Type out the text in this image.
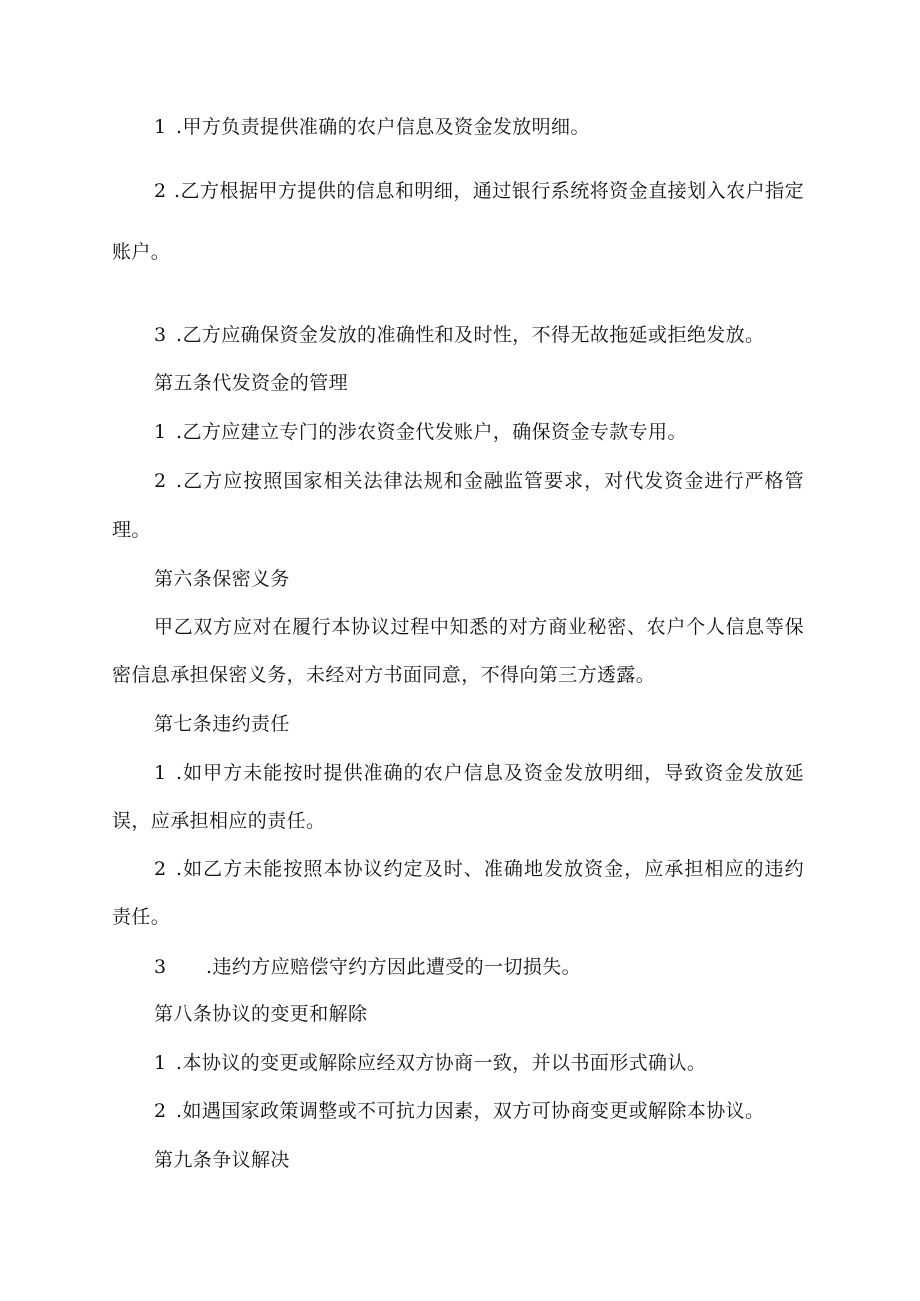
1 .甲方负责提供准确的农户信息及资金发放明细。
2 .乙方根据甲方提供的信息和明细，通过银行系统将资金直接划入农户指定
账户。
3 .乙方应确保资金发放的准确性和及时性，不得无故拖延或拒绝发放。
第五条代发资金的管理
1 .乙方应建立专门的涉农资金代发账户，确保资金专款专用。
2 .乙方应按照国家相关法律法规和金融监管要求，对代发资金进行严格管
理。
第六条保密义务
甲乙双方应对在履行本协议过程中知悉的对方商业秘密、农户个人信息等保
密信息承担保密义务，未经对方书面同意，不得向第三方透露。
第七条违约责任
1 .如甲方未能按时提供准确的农户信息及资金发放明细，导致资金发放延
误，应承担相应的责任。
2 .如乙方未能按照本协议约定及时、准确地发放资金，应承担相应的违约
责任。
3 .违约方应赔偿守约方因此遭受的一切损失。
第八条协议的变更和解除
1 .本协议的变更或解除应经双方协商一致，并以书面形式确认。
2 .如遇国家政策调整或不可抗力因素，双方可协商变更或解除本协议。
第九条争议解决
